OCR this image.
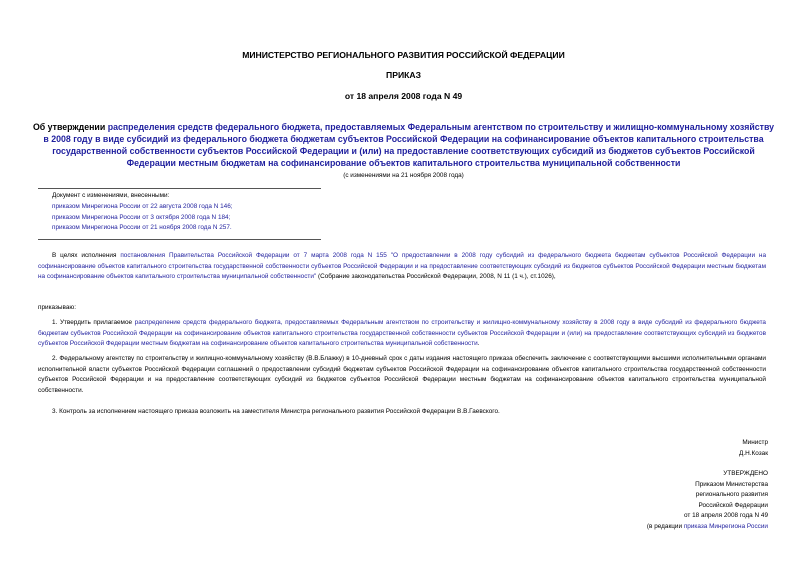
МИНИСТЕРСТВО РЕГИОНАЛЬНОГО РАЗВИТИЯ РОССИЙСКОЙ ФЕДЕРАЦИИ
ПРИКАЗ
от 18 апреля 2008 года N 49
Об утверждении распределения средств федерального бюджета, предоставляемых Федеральным агентством по строительству и жилищно-коммунальному хозяйству в 2008 году в виде субсидий из федерального бюджета бюджетам субъектов Российской Федерации на софинансирование объектов капитального строительства государственной собственности субъектов Российской Федерации и (или) на предоставление соответствующих субсидий из бюджетов субъектов Российской Федерации местным бюджетам на софинансирование объектов капитального строительства муниципальной собственности
(с изменениями на 21 ноября 2008 года)
Документ с изменениями, внесенными:
приказом Минрегиона России от 22 августа 2008 года N 146;
приказом Минрегиона России от 3 октября 2008 года N 184;
приказом Минрегиона России от 21 ноября 2008 года N 257.
В целях исполнения постановления Правительства Российской Федерации от 7 марта 2008 года N 155 "О предоставлении в 2008 году субсидий из федерального бюджета бюджетам субъектов Российской Федерации на софинансирование объектов капитального строительства государственной собственности субъектов Российской Федерации и на предоставление соответствующих субсидий из бюджетов субъектов Российской Федерации местным бюджетам на софинансирование объектов капитального строительства муниципальной собственности" (Собрание законодательства Российской Федерации, 2008, N 11 (1 ч.), ст.1026),
приказываю:
1. Утвердить прилагаемое распределение средств федерального бюджета, предоставляемых Федеральным агентством по строительству и жилищно-коммунальному хозяйству в 2008 году в виде субсидий из федерального бюджета бюджетам субъектов Российской Федерации на софинансирование объектов капитального строительства государственной собственности субъектов Российской Федерации и (или) на предоставление соответствующих субсидий из бюджетов субъектов Российской Федерации местным бюджетам на софинансирование объектов капитального строительства муниципальной собственности.
2. Федеральному агентству по строительству и жилищно-коммунальному хозяйству (В.В.Блажку) в 10-дневный срок с даты издания настоящего приказа обеспечить заключение с соответствующими высшими исполнительными органами исполнительной власти субъектов Российской Федерации соглашений о предоставлении субсидий бюджетам субъектов Российской Федерации на софинансирование объектов капитального строительства государственной собственности субъектов Российской Федерации и на предоставление соответствующих субсидий из бюджетов субъектов Российской Федерации местным бюджетам на софинансирование объектов капитального строительства муниципальной собственности.
3. Контроль за исполнением настоящего приказа возложить на заместителя Министра регионального развития Российской Федерации В.В.Гаевского.
Министр
Д.Н.Козак
УТВЕРЖДЕНО
Приказом Министерства
регионального развития
Российской Федерации
от 18 апреля 2008 года N 49
(в редакции приказа Минрегиона России
